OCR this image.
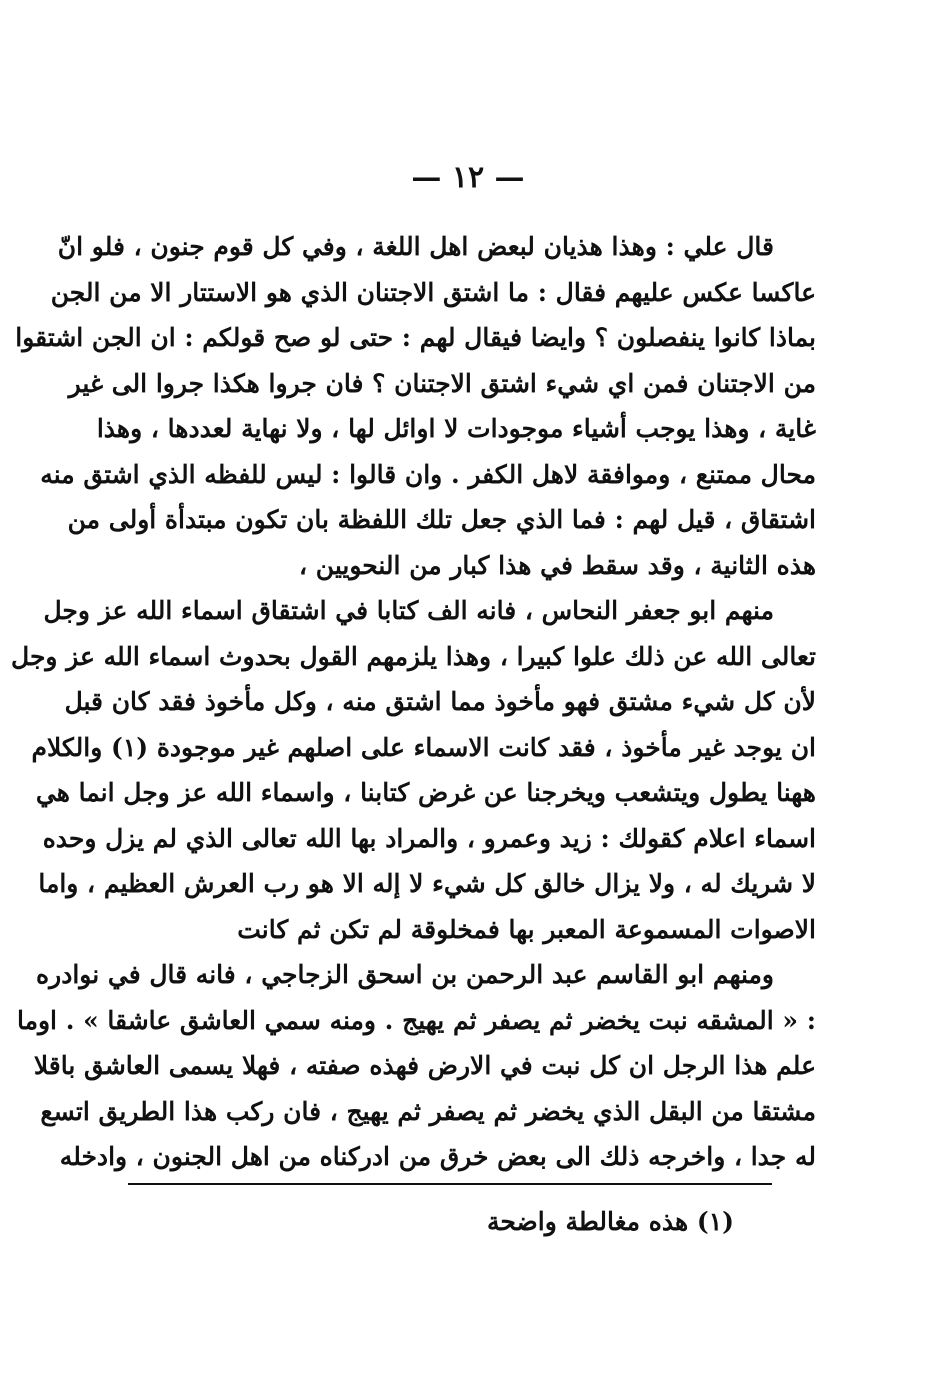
— ١٢ —
قال علي : وهذا هذيان لبعض اهل اللغة ، وفي كل قوم جنون ، فلو انّ
عاكسا عكس عليهم فقال : ما اشتق الاجتنان الذي هو الاستتار الا من الجن
بماذا كانوا ينفصلون ؟ وايضا فيقال لهم : حتى لو صح قولكم : ان الجن اشتقوا
من الاجتنان فمن اي شيء اشتق الاجتنان ؟ فان جروا هكذا جروا الى غير
غاية ، وهذا يوجب أشياء موجودات لا اوائل لها ، ولا نهاية لعددها ، وهذا
محال ممتنع ، وموافقة لاهل الكفر . وان قالوا : ليس للفظه الذي اشتق منه
اشتقاق ، قيل لهم : فما الذي جعل تلك اللفظة بان تكون مبتدأة أولى من
هذه الثانية ، وقد سقط في هذا كبار من النحويين ،
منهم ابو جعفر النحاس ، فانه الف كتابا في اشتقاق اسماء الله عز وجل
تعالى الله عن ذلك علوا كبيرا ، وهذا يلزمهم القول بحدوث اسماء الله عز وجل
لأن كل شيء مشتق فهو مأخوذ مما اشتق منه ، وكل مأخوذ فقد كان قبل
ان يوجد غير مأخوذ ، فقد كانت الاسماء على اصلهم غير موجودة (١) والكلام
ههنا يطول ويتشعب ويخرجنا عن غرض كتابنا ، واسماء الله عز وجل انما هي
اسماء اعلام كقولك : زيد وعمرو ، والمراد بها الله تعالى الذي لم يزل وحده
لا شريك له ، ولا يزال خالق كل شيء لا إله الا هو رب العرش العظيم ، واما
الاصوات المسموعة المعبر بها فمخلوقة لم تكن ثم كانت
ومنهم ابو القاسم عبد الرحمن بن اسحق الزجاجي ، فانه قال في نوادره
: « المشقه نبت يخضر ثم يصفر ثم يهيج . ومنه سمي العاشق عاشقا » . اوما
علم هذا الرجل ان كل نبت في الارض فهذه صفته ، فهلا يسمى العاشق باقلا
مشتقا من البقل الذي يخضر ثم يصفر ثم يهيج ، فان ركب هذا الطريق اتسع
له جدا ، واخرجه ذلك الى بعض خرق من ادركناه من اهل الجنون ، وادخله
(١) هذه مغالطة واضحة
